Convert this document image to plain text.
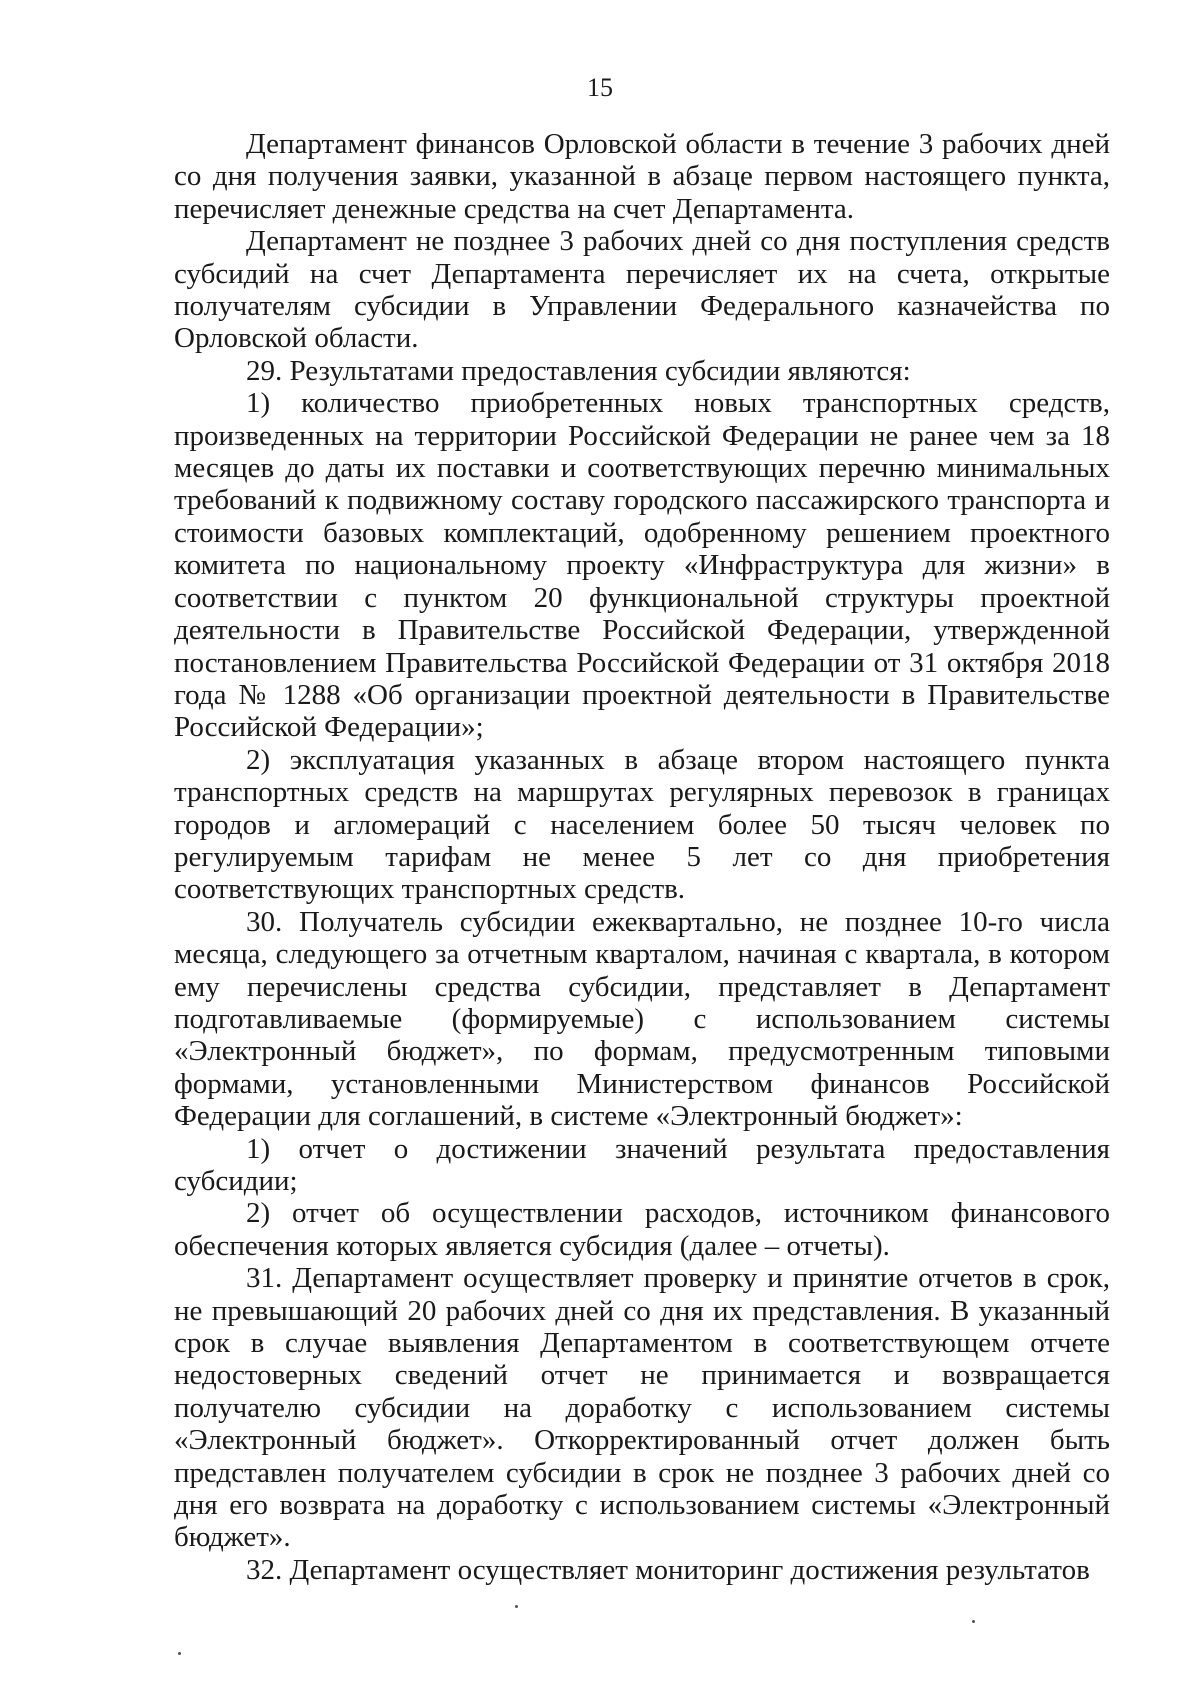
15

Департамент финансов Орловской области в течение 3 рабочих дней со дня получения заявки, указанной в абзаце первом настоящего пункта, перечисляет денежные средства на счет Департамента.

Департамент не позднее 3 рабочих дней со дня поступления средств субсидий на счет Департамента перечисляет их на счета, открытые получателям субсидии в Управлении Федерального казначейства по Орловской области.

29. Результатами предоставления субсидии являются:

1) количество приобретенных новых транспортных средств, произведенных на территории Российской Федерации не ранее чем за 18 месяцев до даты их поставки и соответствующих перечню минимальных требований к подвижному составу городского пассажирского транспорта и стоимости базовых комплектаций, одобренному решением проектного комитета по национальному проекту «Инфраструктура для жизни» в соответствии с пунктом 20 функциональной структуры проектной деятельности в Правительстве Российской Федерации, утвержденной постановлением Правительства Российской Федерации от 31 октября 2018 года № 1288 «Об организации проектной деятельности в Правительстве Российской Федерации»;

2) эксплуатация указанных в абзаце втором настоящего пункта транспортных средств на маршрутах регулярных перевозок в границах городов и агломераций с населением более 50 тысяч человек по регулируемым тарифам не менее 5 лет со дня приобретения соответствующих транспортных средств.

30. Получатель субсидии ежеквартально, не позднее 10-го числа месяца, следующего за отчетным кварталом, начиная с квартала, в котором ему перечислены средства субсидии, представляет в Департамент подготавливаемые (формируемые) с использованием системы «Электронный бюджет», по формам, предусмотренным типовыми формами, установленными Министерством финансов Российской Федерации для соглашений, в системе «Электронный бюджет»:

1) отчет о достижении значений результата предоставления субсидии;

2) отчет об осуществлении расходов, источником финансового обеспечения которых является субсидия (далее – отчеты).

31. Департамент осуществляет проверку и принятие отчетов в срок, не превышающий 20 рабочих дней со дня их представления. В указанный срок в случае выявления Департаментом в соответствующем отчете недостоверных сведений отчет не принимается и возвращается получателю субсидии на доработку с использованием системы «Электронный бюджет». Откорректированный отчет должен быть представлен получателем субсидии в срок не позднее 3 рабочих дней со дня его возврата на доработку с использованием системы «Электронный бюджет».

32. Департамент осуществляет мониторинг достижения результатов
